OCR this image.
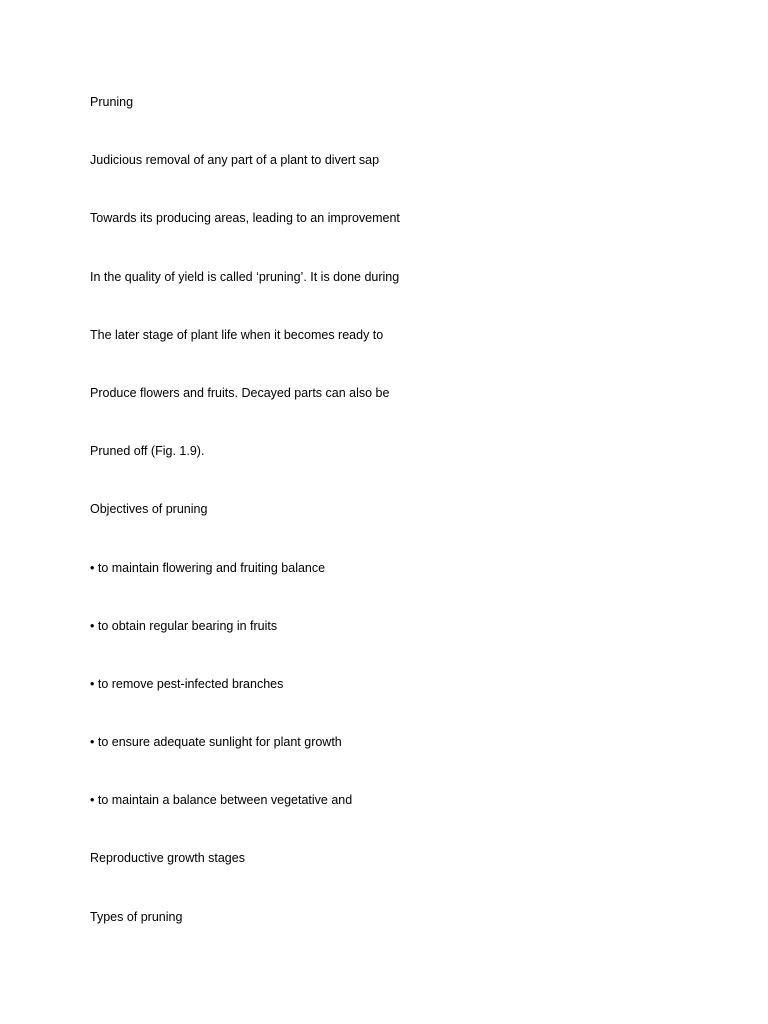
Pruning
Judicious removal of any part of a plant to divert sap
Towards its producing areas, leading to an improvement
In the quality of yield is called ‘pruning’. It is done during
The later stage of plant life when it becomes ready to
Produce flowers and fruits. Decayed parts can also be
Pruned off (Fig. 1.9).
Objectives of pruning
• to maintain flowering and fruiting balance
• to obtain regular bearing in fruits
• to remove pest-infected branches
• to ensure adequate sunlight for plant growth
• to maintain a balance between vegetative and
Reproductive growth stages
Types of pruning
